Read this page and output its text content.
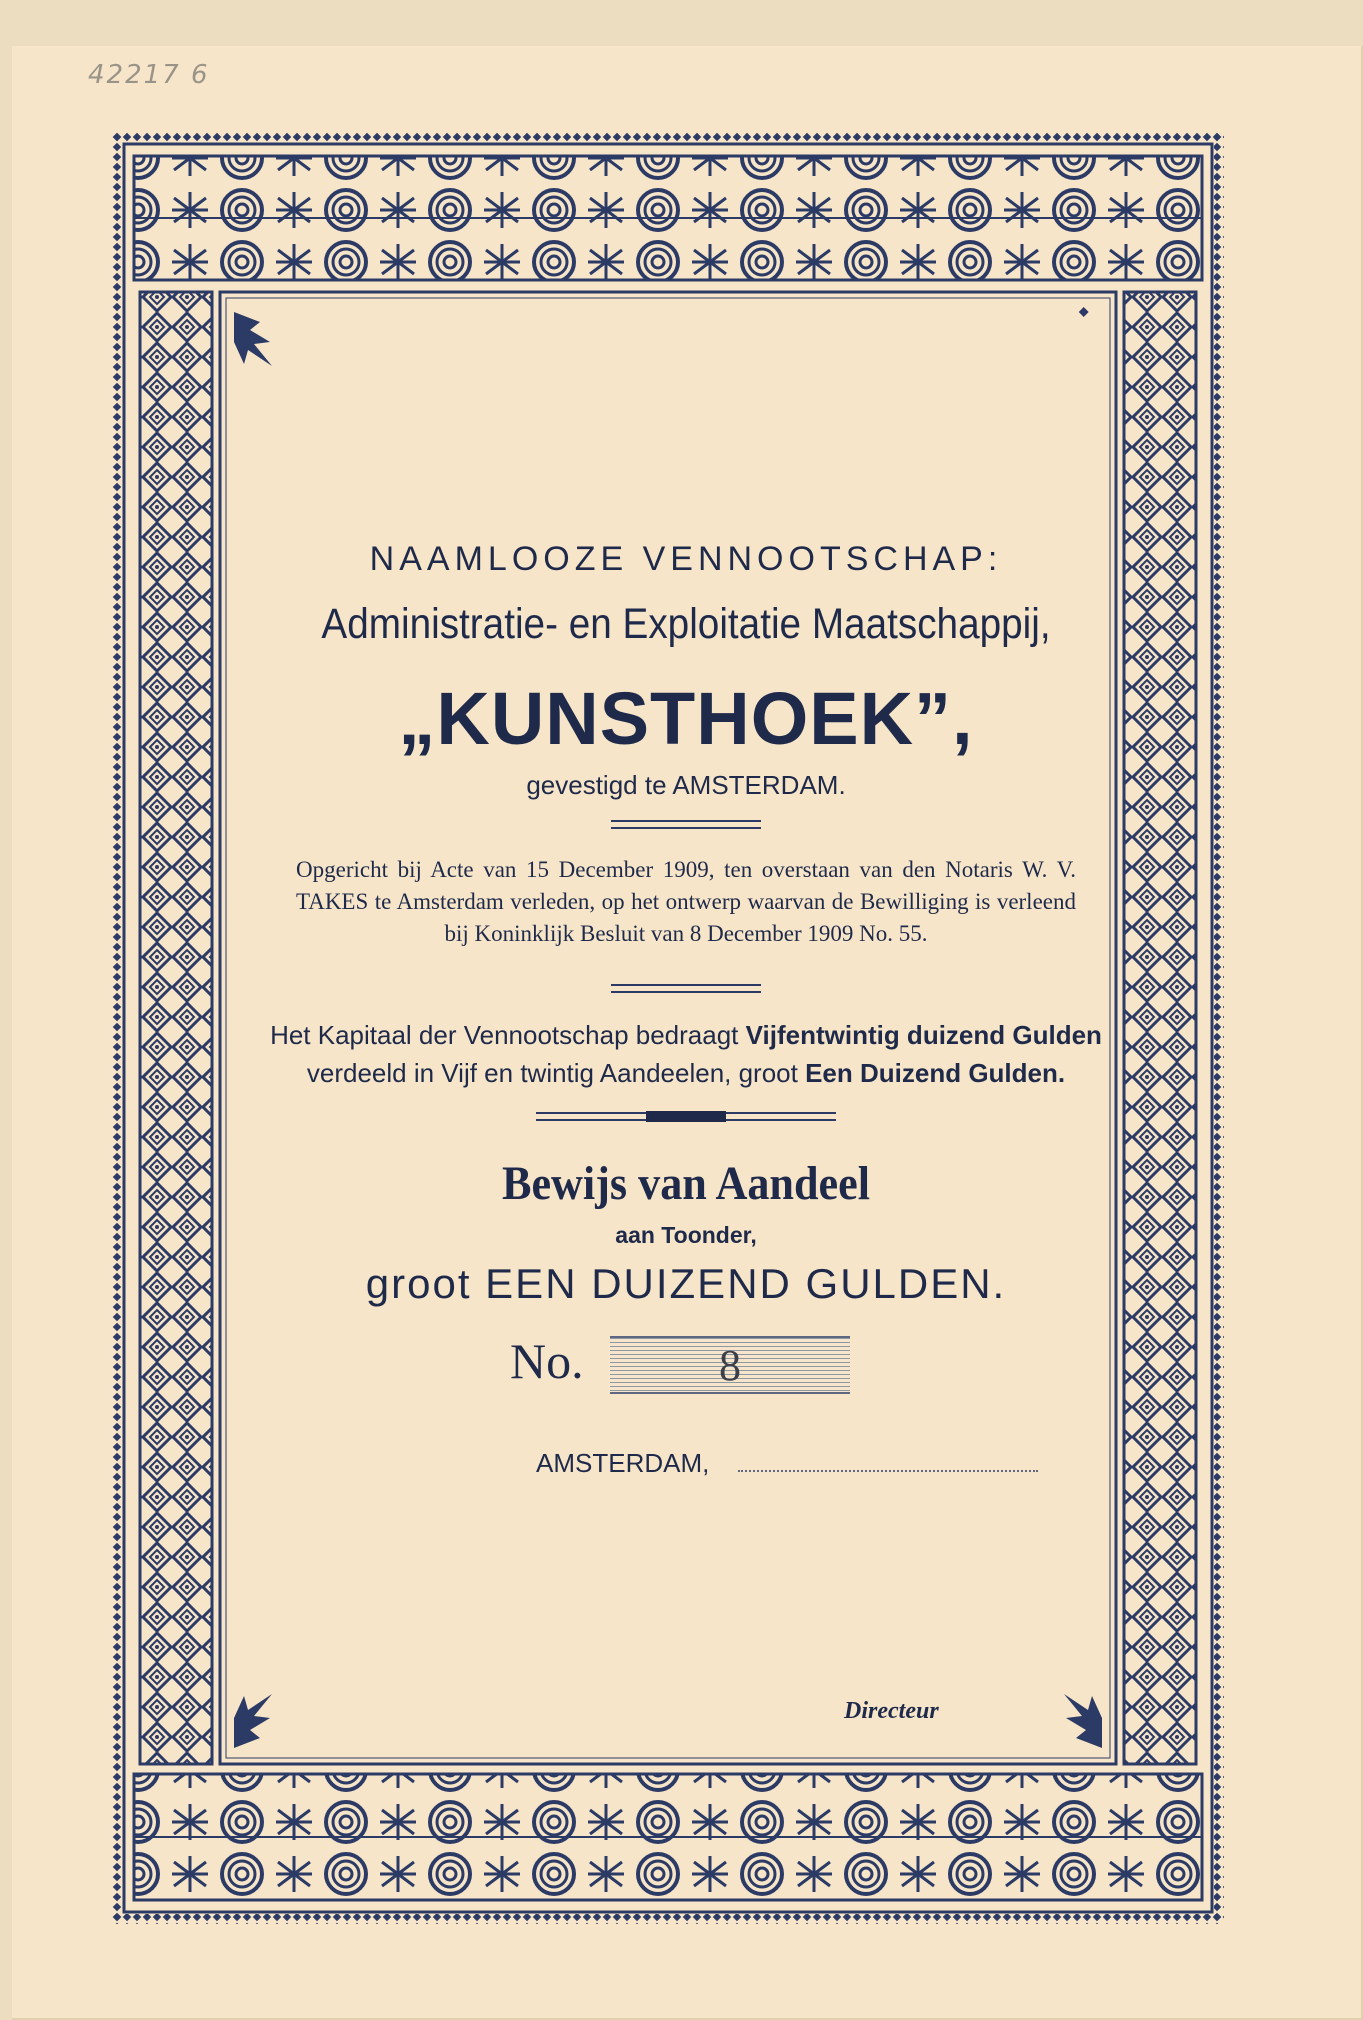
42217 6
NAAMLOOZE VENNOOTSCHAP:
Administratie- en Exploitatie Maatschappij,
„KUNSTHOEK”,
gevestigd te AMSTERDAM.
Opgericht bij Acte van 15 December 1909, ten overstaan van den Notaris W. V. TAKES te Amsterdam verleden, op het ontwerp waarvan de Bewilliging is verleend bij Koninklijk Besluit van 8 December 1909 No. 55.
Het Kapitaal der Vennootschap bedraagt Vijfentwintig duizend Gulden
verdeeld in Vijf en twintig Aandeelen, groot Een Duizend Gulden.
Bewijs van Aandeel
aan Toonder,
groot EEN DUIZEND GULDEN.
No.	8
AMSTERDAM,
Directeur
